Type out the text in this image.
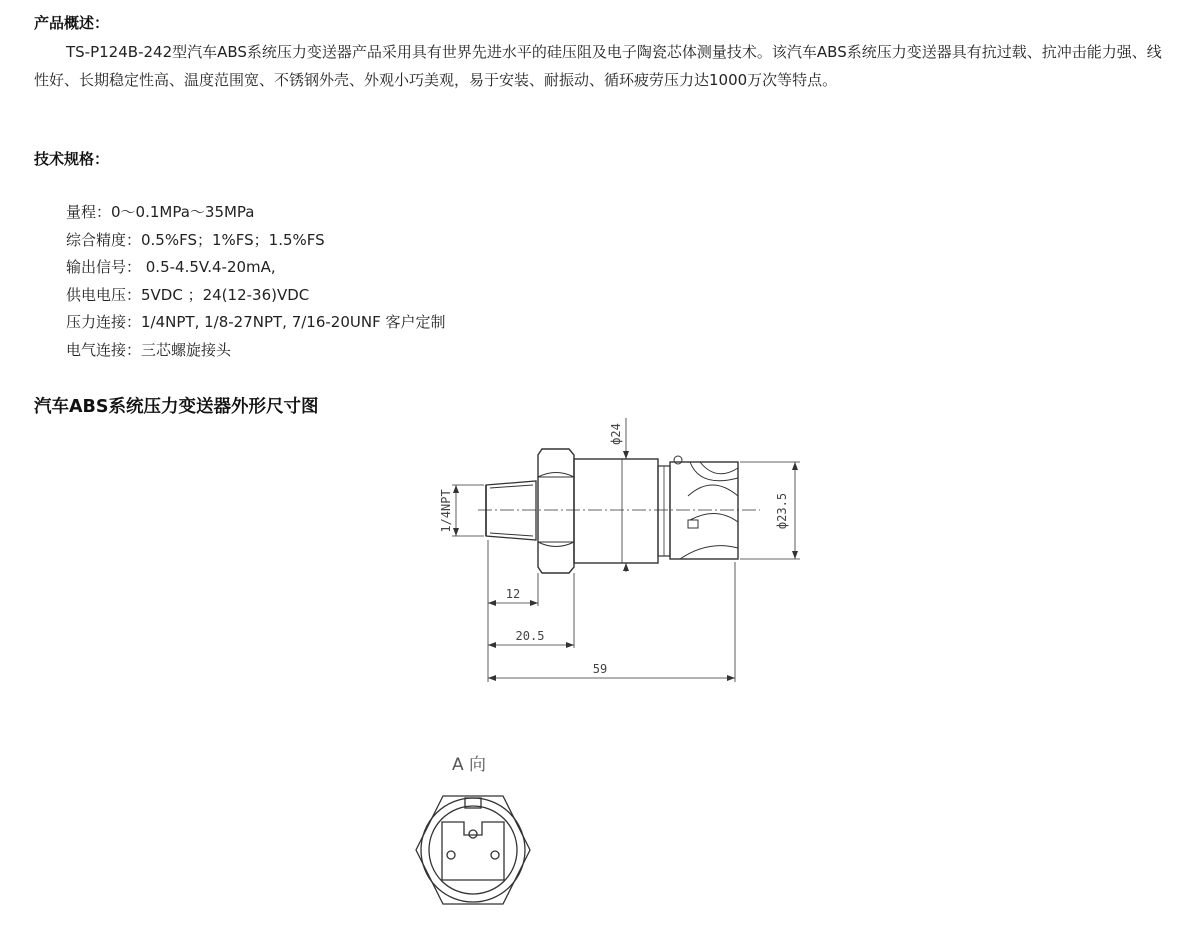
产品概述：

TS-P124B-242型汽车ABS系统压力变送器产品采用具有世界先进水平的硅压阻及电子陶瓷芯体测量技术。该汽车ABS系统压力变送器具有抗过载、抗冲击能力强、线性好、长期稳定性高、温度范围宽、不锈钢外壳、外观小巧美观，易于安装、耐振动、循环疲劳压力达1000万次等特点。

技术规格：
量程：0～0.1MPa～35MPa
综合精度：0.5%FS；1%FS；1.5%FS
输出信号： 0.5-4.5V.4-20mA,
供电电压：5VDC ；24(12-36)VDC
压力连接：1/4NPT, 1/8-27NPT, 7/16-20UNF 客户定制
电气连接：三芯螺旋接头
汽车ABS系统压力变送器外形尺寸图
1/4NPT
ф24
ф23.5
12
20.5
59
A 向
